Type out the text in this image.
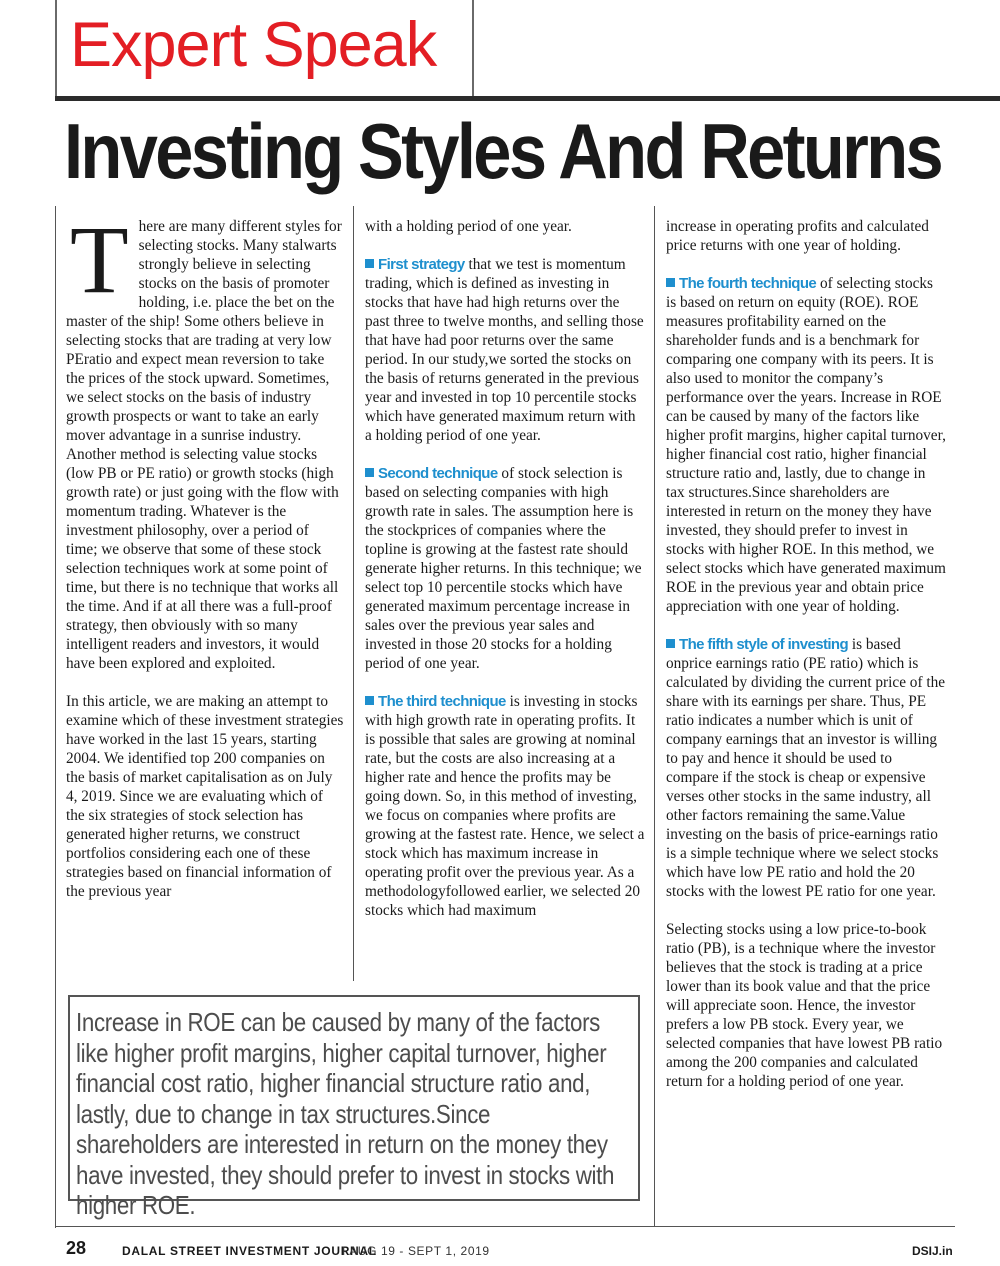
Expert Speak
Investing Styles And Returns

There are many different styles for selecting stocks. Many stalwarts strongly believe in selecting stocks on the basis of promoter holding, i.e. place the bet on the master of the ship! Some others believe in selecting stocks that are trading at very low PEratio and expect mean reversion to take the prices of the stock upward. Sometimes, we select stocks on the basis of industry growth prospects or want to take an early mover advantage in a sunrise industry. Another method is selecting value stocks (low PB or PE ratio) or growth stocks (high growth rate) or just going with the flow with momentum trading. Whatever is the investment philosophy, over a period of time; we observe that some of these stock selection techniques work at some point of time, but there is no technique that works all the time. And if at all there was a full-proof strategy, then obviously with so many intelligent readers and investors, it would have been explored and exploited.

In this article, we are making an attempt to examine which of these investment strategies have worked in the last 15 years, starting 2004. We identified top 200 companies on the basis of market capitalisation as on July 4, 2019. Since we are evaluating which of the six strategies of stock selection has generated higher returns, we construct portfolios considering each one of these strategies based on financial information of the previous year

with a holding period of one year.

First strategy that we test is momentum trading, which is defined as investing in stocks that have had high returns over the past three to twelve months, and selling those that have had poor returns over the same period. In our study,we sorted the stocks on the basis of returns generated in the previous year and invested in top 10 percentile stocks which have generated maximum return with a holding period of one year.

Second technique of stock selection is based on selecting companies with high growth rate in sales. The assumption here is the stockprices of companies where the topline is growing at the fastest rate should generate higher returns. In this technique; we select top 10 percentile stocks which have generated maximum percentage increase in sales over the previous year sales and invested in those 20 stocks for a holding period of one year.

The third technique is investing in stocks with high growth rate in operating profits. It is possible that sales are growing at nominal rate, but the costs are also increasing at a higher rate and hence the profits may be going down. So, in this method of investing, we focus on companies where profits are growing at the fastest rate. Hence, we select a stock which has maximum increase in operating profit over the previous year. As a methodologyfollowed earlier, we selected 20 stocks which had maximum

increase in operating profits and calculated price returns with one year of holding.

The fourth technique of selecting stocks is based on return on equity (ROE). ROE measures profitability earned on the shareholder funds and is a benchmark for comparing one company with its peers. It is also used to monitor the company’s performance over the years. Increase in ROE can be caused by many of the factors like higher profit margins, higher capital turnover, higher financial cost ratio, higher financial structure ratio and, lastly, due to change in tax structures.Since shareholders are interested in return on the money they have invested, they should prefer to invest in stocks with higher ROE. In this method, we select stocks which have generated maximum ROE in the previous year and obtain price appreciation with one year of holding.

The fifth style of investing is based onprice earnings ratio (PE ratio) which is calculated by dividing the current price of the share with its earnings per share. Thus, PE ratio indicates a number which is unit of company earnings that an investor is willing to pay and hence it should be used to compare if the stock is cheap or expensive verses other stocks in the same industry, all other factors remaining the same.Value investing on the basis of price-earnings ratio is a simple technique where we select stocks which have low PE ratio and hold the 20 stocks with the lowest PE ratio for one year.

Selecting stocks using a low price-to-book ratio (PB), is a technique where the investor believes that the stock is trading at a price lower than its book value and that the price will appreciate soon. Hence, the investor prefers a low PB stock. Every year, we selected companies that have lowest PB ratio among the 200 companies and calculated return for a holding period of one year.

Increase in ROE can be caused by many of the factors like higher profit margins, higher capital turnover, higher financial cost ratio, higher financial structure ratio and, lastly, due to change in tax structures.Since shareholders are interested in return on the money they have invested, they should prefer to invest in stocks with higher ROE.
28	DALAL STREET INVESTMENT JOURNAL
I AUG 19 - SEPT 1, 2019	DSIJ.in
